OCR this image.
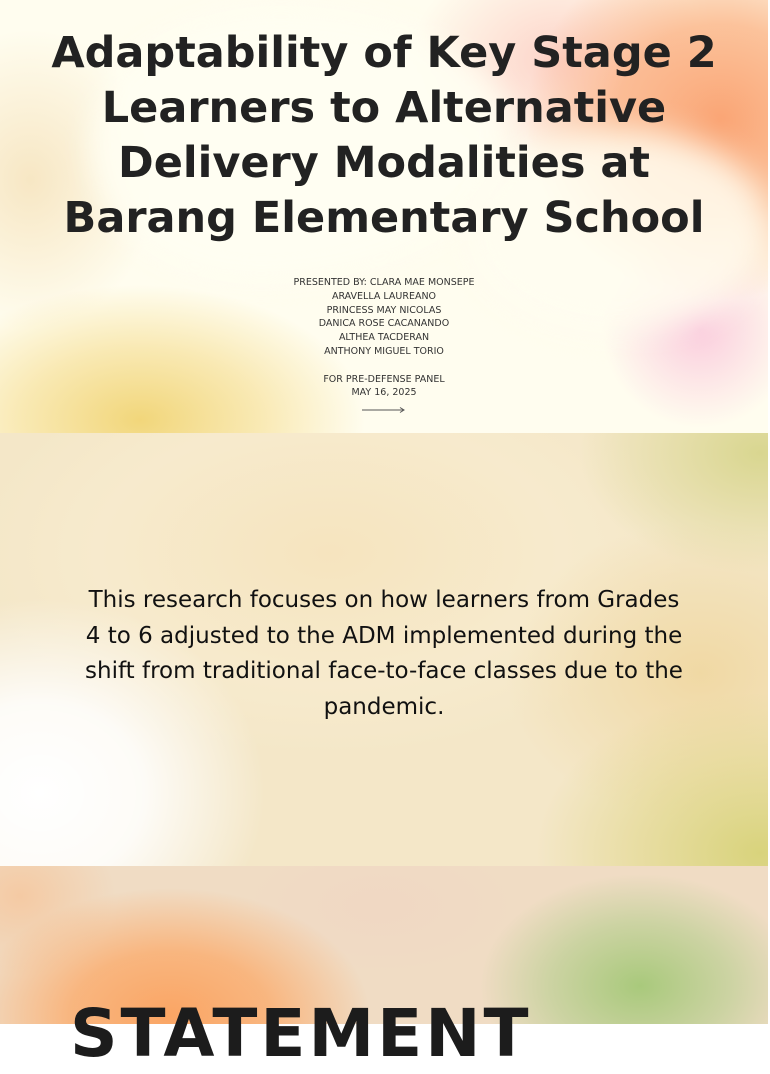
Adaptability of Key Stage 2 Learners to Alternative Delivery Modalities at Barang Elementary School
PRESENTED BY: CLARA MAE MONSEPE
ARAVELLA LAUREANO
PRINCESS MAY NICOLAS
DANICA ROSE CACANANDO
ALTHEA TACDERAN
ANTHONY MIGUEL TORIO
FOR PRE-DEFENSE PANEL
MAY 16, 2025

This research focuses on how learners from Grades 4 to 6 adjusted to the ADM implemented during the shift from traditional face-to-face classes due to the pandemic.

STATEMENT
